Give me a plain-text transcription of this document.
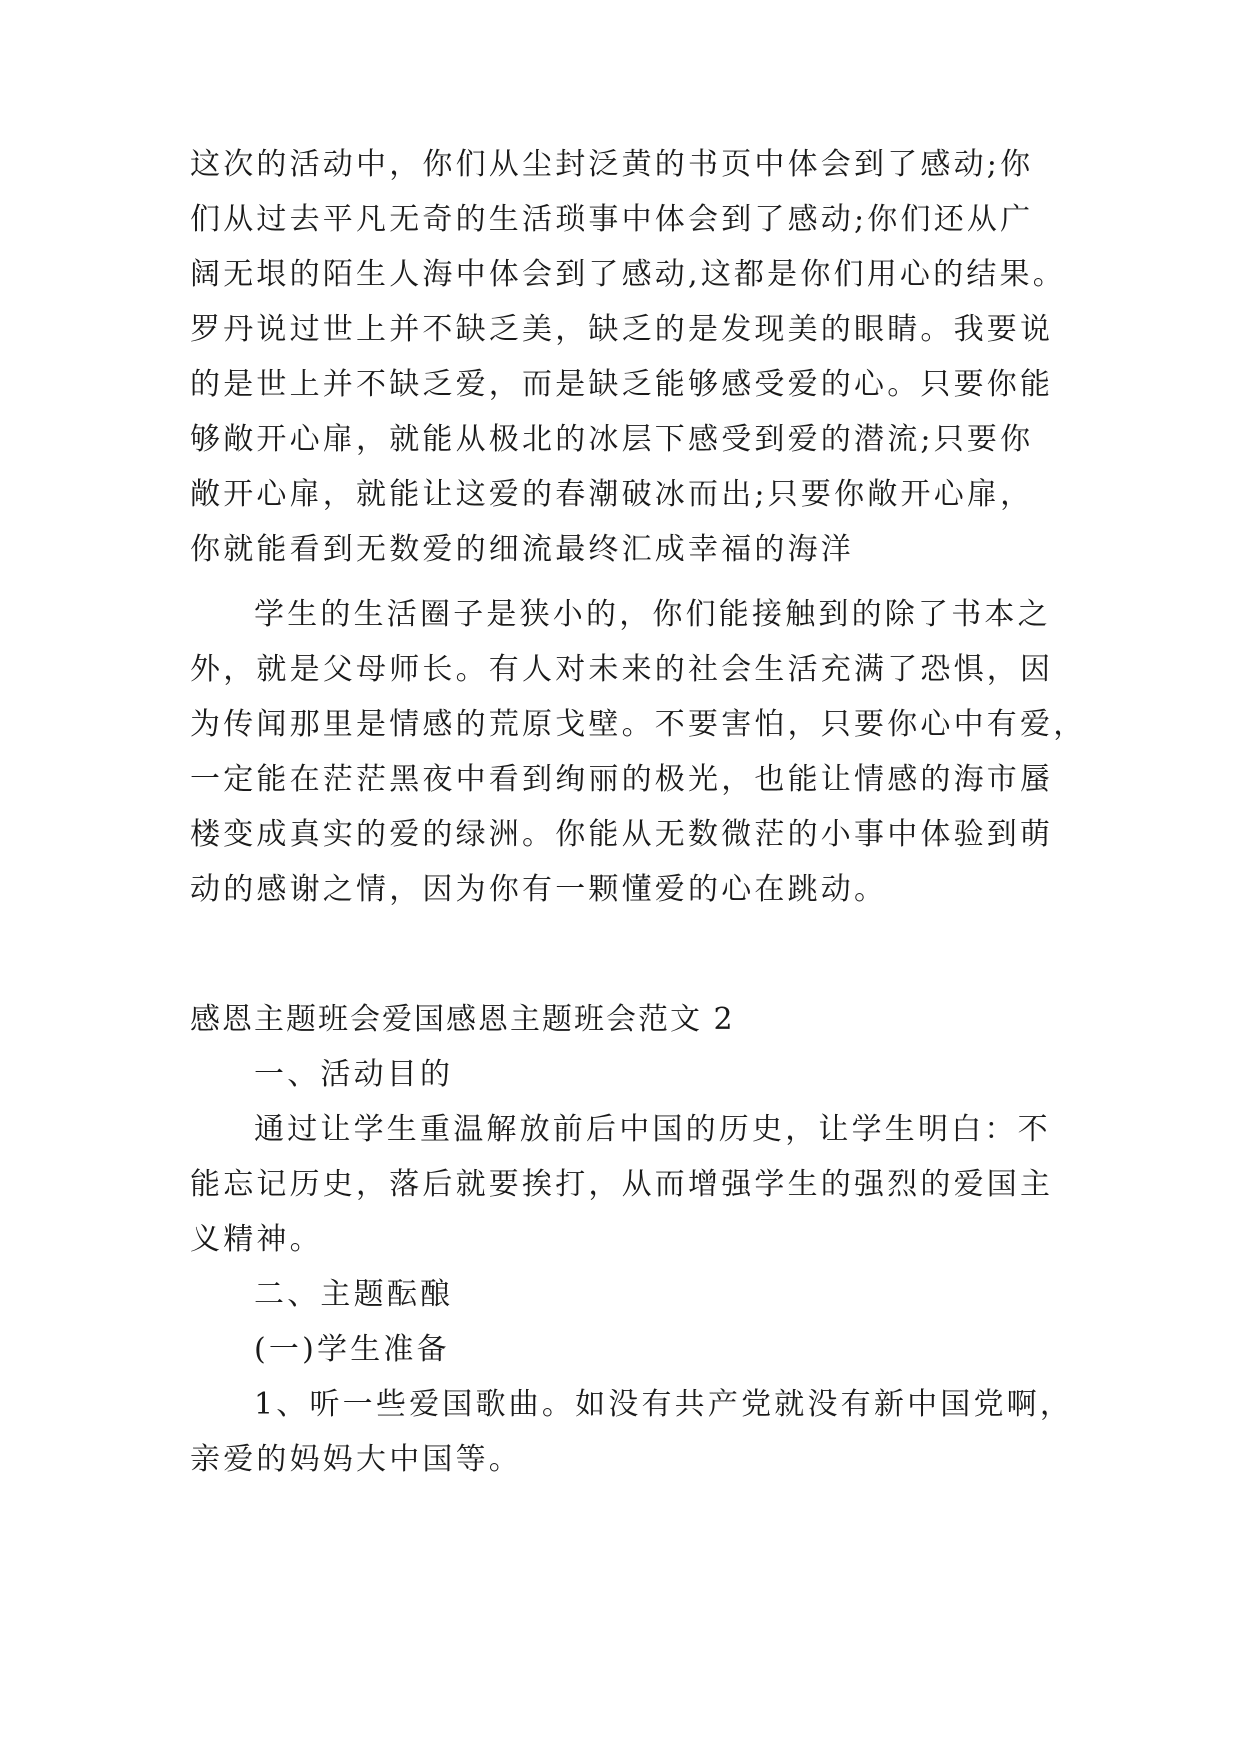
这次的活动中，你们从尘封泛黄的书页中体会到了感动;你

们从过去平凡无奇的生活琐事中体会到了感动;你们还从广

阔无垠的陌生人海中体会到了感动,这都是你们用心的结果。

罗丹说过世上并不缺乏美，缺乏的是发现美的眼睛。我要说

的是世上并不缺乏爱，而是缺乏能够感受爱的心。只要你能

够敞开心扉，就能从极北的冰层下感受到爱的潜流;只要你

敞开心扉，就能让这爱的春潮破冰而出;只要你敞开心扉，

你就能看到无数爱的细流最终汇成幸福的海洋

学生的生活圈子是狭小的，你们能接触到的除了书本之

外，就是父母师长。有人对未来的社会生活充满了恐惧，因

为传闻那里是情感的荒原戈壁。不要害怕，只要你心中有爱，

一定能在茫茫黑夜中看到绚丽的极光，也能让情感的海市蜃

楼变成真实的爱的绿洲。你能从无数微茫的小事中体验到萌

动的感谢之情，因为你有一颗懂爱的心在跳动。

感恩主题班会爱国感恩主题班会范文 2

一、活动目的

通过让学生重温解放前后中国的历史，让学生明白：不

能忘记历史，落后就要挨打，从而增强学生的强烈的爱国主

义精神。

二、主题酝酿

(一)学生准备

1、听一些爱国歌曲。如没有共产党就没有新中国党啊，

亲爱的妈妈大中国等。
